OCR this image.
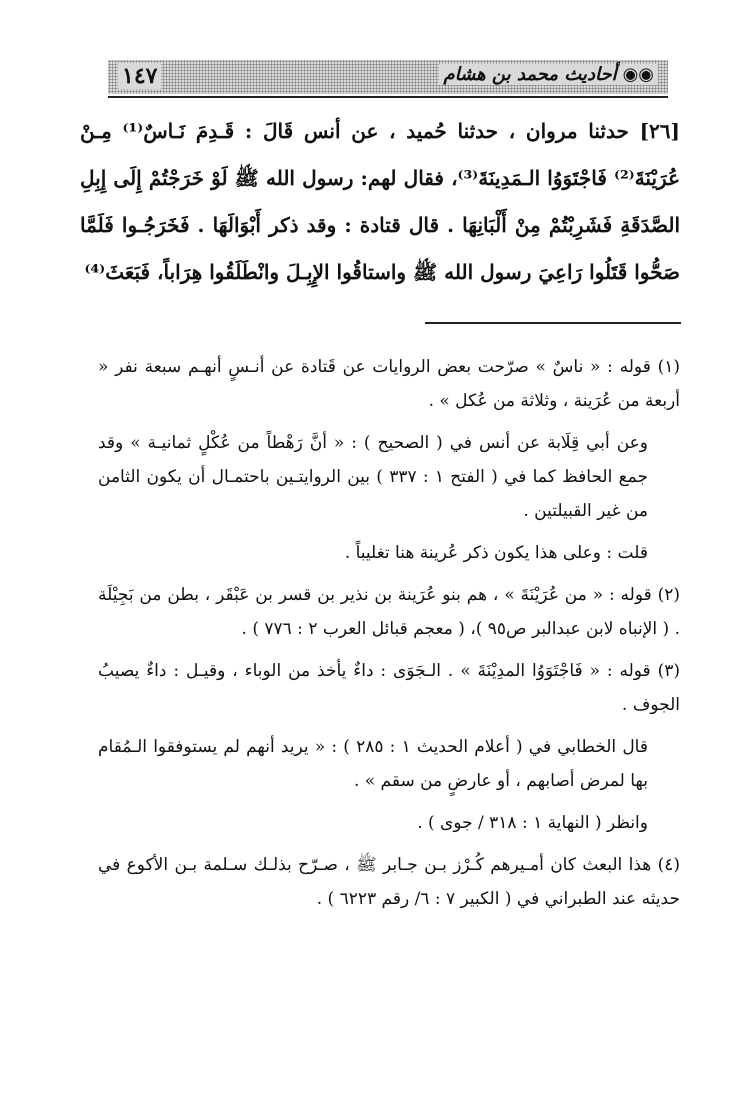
١٤٧	◉◉أحاديث محمد بن هشام

[٢٦] حدثنا مروان ، حدثنا حُميد ، عن أنس قَالَ : قَـدِمَ نَـاسٌ⁽¹⁾ مِـنْ عُرَيْنَةَ⁽²⁾ فَاجْتَوَوُا الـمَدِينَةَ⁽³⁾، فقال لهم: رسول الله ﷺ لَوْ خَرَجْتُمْ إِلَى إِبِلِ الصَّدَقَةِ فَشَرِبْتُمْ مِنْ أَلْبَانِهَا . قال قتادة : وقد ذكر أَبْوَالَهَا . فَخَرَجُـوا فَلَمَّا صَحُّوا قَتَلُوا رَاعِيَ رسول الله ﷺ واستاقُوا الإِبِـلَ وانْطَلَقُوا هِرَاباً، فَبَعَثَ⁽⁴⁾

(١) قوله : « ناسٌ » صرّحت بعض الروايات عن قَتادة عن أنـسٍ أنهـم سبعة نفر « أربعة من عُرَينة ، وثلاثة من عُكل » .

وعن أبي قِلَابة عن أنس في ( الصحيح ) : « أنَّ رَهْطاً من عُكْلٍ ثمانيـة » وقد جمع الحافظ كما في ( الفتح ١ : ٣٣٧ ) بين الروايتـين باحتمـال أن يكون الثامن من غير القبيلتين .

قلت : وعلى هذا يكون ذكر عُرينة هنا تغليباً .

(٢) قوله : « من عُرَيْنَةَ » ، هم بنو عُرَينة بن نذير بن قسر بن عَبْقَر ، بطن من بَجِيْلَة . ( الإنباه لابن عبدالبر ص٩٥ )، ( معجم قبائل العرب ٢ : ٧٧٦ ) .

(٣) قوله : « فَاجْتَوَوُا المدِيْنَةَ » . الـجَوَى : داءٌ يأخذ من الوباء ، وقيـل : داءٌ يصيبُ الجوف .

قال الخطابي في ( أعلام الحديث ١ : ٢٨٥ ) : « يريد أنهم لم يستوفقوا الـمُقام بها لمرض أصابهم ، أو عارضٍ من سقم » .

وانظر ( النهاية ١ : ٣١٨ / جوى ) .

(٤) هذا البعث كان أمـيرهم كُـرْز بـن جـابر ﷺ ، صـرّح بذلـك سـلمة بـن الأكوع في حديثه عند الطبراني في ( الكبير ٧ : ٦/ رقم ٦٢٢٣ ) .
